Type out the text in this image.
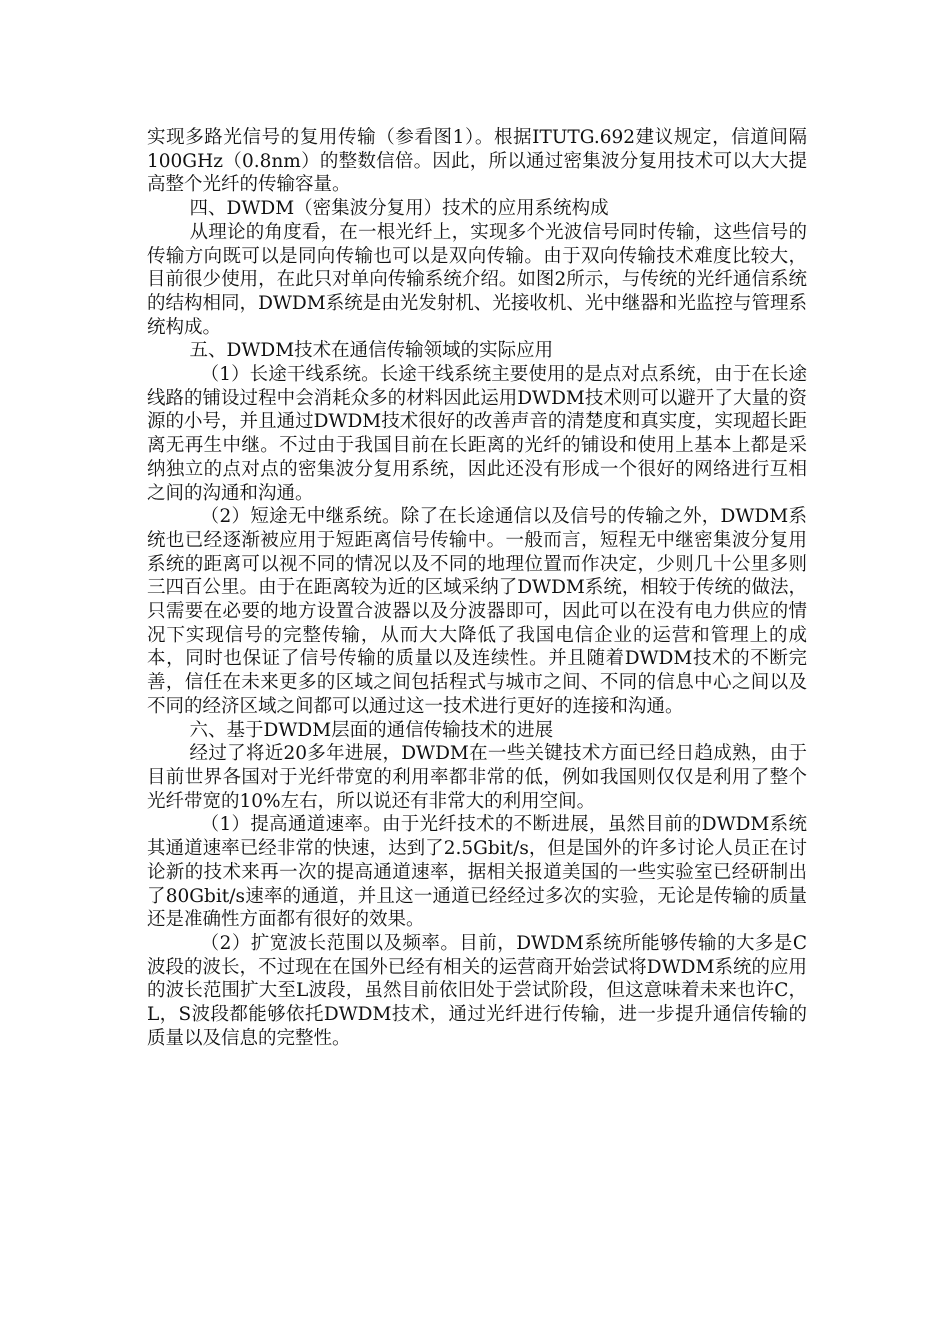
实现多路光信号的复用传输（参看图1）。根据ITUTG.692建议规定，信道间隔100GHz（0.8nm）的整数信倍。因此，所以通过密集波分复用技术可以大大提高整个光纤的传输容量。

四、DWDM（密集波分复用）技术的应用系统构成

从理论的角度看，在一根光纤上，实现多个光波信号同时传输，这些信号的传输方向既可以是同向传输也可以是双向传输。由于双向传输技术难度比较大，目前很少使用，在此只对单向传输系统介绍。如图2所示，与传统的光纤通信系统的结构相同，DWDM系统是由光发射机、光接收机、光中继器和光监控与管理系统构成。

五、DWDM技术在通信传输领域的实际应用

（1）长途干线系统。长途干线系统主要使用的是点对点系统，由于在长途线路的铺设过程中会消耗众多的材料因此运用DWDM技术则可以避开了大量的资源的小号，并且通过DWDM技术很好的改善声音的清楚度和真实度，实现超长距离无再生中继。不过由于我国目前在长距离的光纤的铺设和使用上基本上都是采纳独立的点对点的密集波分复用系统，因此还没有形成一个很好的网络进行互相之间的沟通和沟通。

（2）短途无中继系统。除了在长途通信以及信号的传输之外，DWDM系统也已经逐渐被应用于短距离信号传输中。一般而言，短程无中继密集波分复用系统的距离可以视不同的情况以及不同的地理位置而作决定，少则几十公里多则三四百公里。由于在距离较为近的区域采纳了DWDM系统，相较于传统的做法，只需要在必要的地方设置合波器以及分波器即可，因此可以在没有电力供应的情况下实现信号的完整传输，从而大大降低了我国电信企业的运营和管理上的成本，同时也保证了信号传输的质量以及连续性。并且随着DWDM技术的不断完善，信任在未来更多的区域之间包括程式与城市之间、不同的信息中心之间以及不同的经济区域之间都可以通过这一技术进行更好的连接和沟通。

六、基于DWDM层面的通信传输技术的进展

经过了将近20多年进展，DWDM在一些关键技术方面已经日趋成熟，由于目前世界各国对于光纤带宽的利用率都非常的低，例如我国则仅仅是利用了整个光纤带宽的10%左右，所以说还有非常大的利用空间。

（1）提高通道速率。由于光纤技术的不断进展，虽然目前的DWDM系统其通道速率已经非常的快速，达到了2.5Gbit/s，但是国外的许多讨论人员正在讨论新的技术来再一次的提高通道速率，据相关报道美国的一些实验室已经研制出了80Gbit/s速率的通道，并且这一通道已经经过多次的实验，无论是传输的质量还是准确性方面都有很好的效果。

（2）扩宽波长范围以及频率。目前，DWDM系统所能够传输的大多是C波段的波长，不过现在在国外已经有相关的运营商开始尝试将DWDM系统的应用的波长范围扩大至L波段，虽然目前依旧处于尝试阶段，但这意味着未来也许C，L，S波段都能够依托DWDM技术，通过光纤进行传输，进一步提升通信传输的质量以及信息的完整性。
